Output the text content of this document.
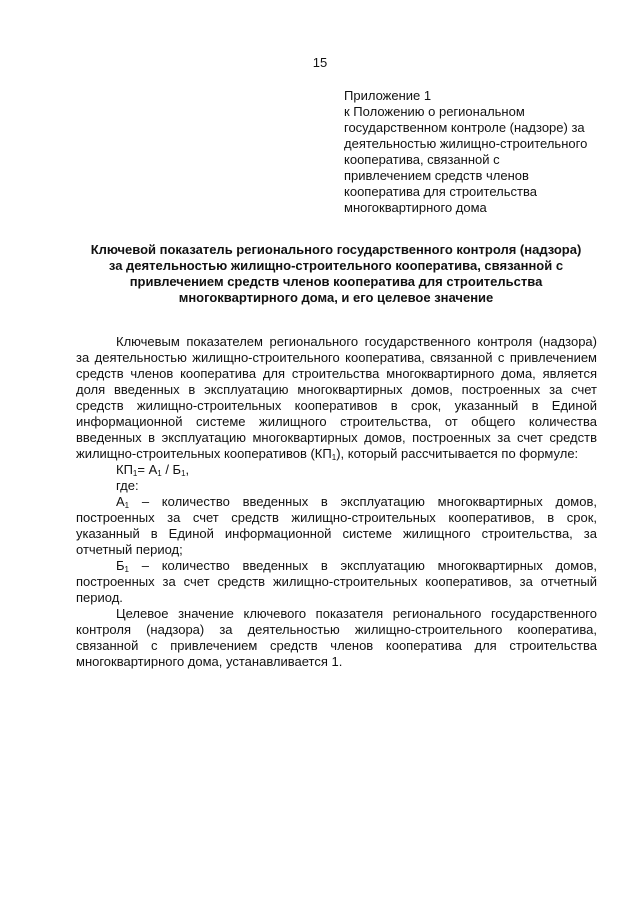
15
Приложение 1
к Положению о региональном
государственном контроле (надзоре) за
деятельностью жилищно-строительного
кооператива, связанной с
привлечением средств членов
кооператива для строительства
многоквартирного дома
Ключевой показатель регионального государственного контроля (надзора)
за деятельностью жилищно-строительного кооператива, связанной с
привлечением средств членов кооператива для строительства
многоквартирного дома, и его целевое значение

Ключевым показателем регионального государственного контроля (надзора) за деятельностью жилищно-строительного кооператива, связанной с привлечением средств членов кооператива для строительства многоквартирного дома, является доля введенных в эксплуатацию многоквартирных домов, построенных за счет средств жилищно-строительных кооперативов в срок, указанный в Единой информационной системе жилищного строительства, от общего количества введенных в эксплуатацию многоквартирных домов, построенных за счет средств жилищно-строительных кооперативов $(КП_1)$, который рассчитывается по формуле:

$КП_1= А_1 / Б_1$,

где:

$А_1$ – количество введенных в эксплуатацию многоквартирных домов, построенных за счет средств жилищно-строительных кооперативов, в срок, указанный в Единой информационной системе жилищного строительства, за отчетный период;

$Б_1$ – количество введенных в эксплуатацию многоквартирных домов, построенных за счет средств жилищно-строительных кооперативов, за отчетный период.

Целевое значение ключевого показателя регионального государственного контроля (надзора) за деятельностью жилищно-строительного кооператива, связанной с привлечением средств членов кооператива для строительства многоквартирного дома, устанавливается 1.
